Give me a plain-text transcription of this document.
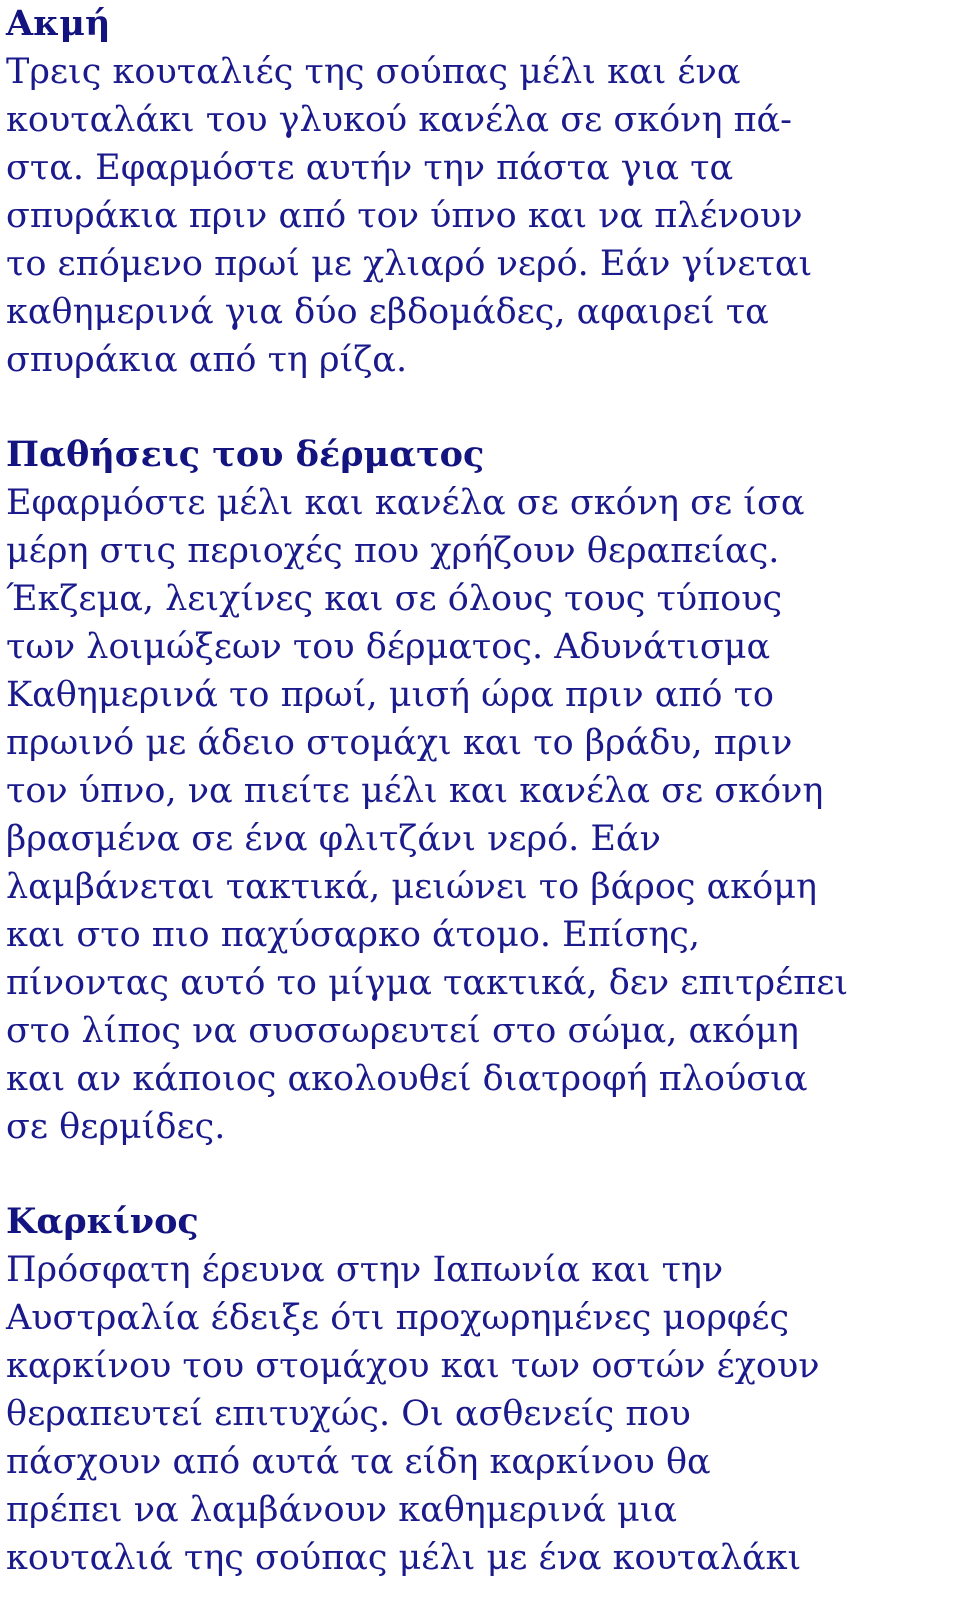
Ακμή
Τρεις κουταλιές της σούπας μέλι και ένα
κουταλάκι του γλυκού κανέλα σε σκόνη πά-
στα. Εφαρμόστε αυτήν την πάστα για τα
σπυράκια πριν από τον ύπνο και να πλένουν
το επόμενο πρωί με χλιαρό νερό. Εάν γίνεται
καθημερινά για δύο εβδομάδες, αφαιρεί τα
σπυράκια από τη ρίζα.
Παθήσεις του δέρματος
Εφαρμόστε μέλι και κανέλα σε σκόνη σε ίσα
μέρη στις περιοχές που χρήζουν θεραπείας.
Έκζεμα, λειχίνες και σε όλους τους τύπους
των λοιμώξεων του δέρματος. Αδυνάτισμα
Καθημερινά το πρωί, μισή ώρα πριν από το
πρωινό με άδειο στομάχι και το βράδυ, πριν
τον ύπνο, να πιείτε μέλι και κανέλα σε σκόνη
βρασμένα σε ένα φλιτζάνι νερό. Εάν
λαμβάνεται τακτικά, μειώνει το βάρος ακόμη
και στο πιο παχύσαρκο άτομο. Επίσης,
πίνοντας αυτό το μίγμα τακτικά, δεν επιτρέπει
στο λίπος να συσσωρευτεί στο σώμα, ακόμη
και αν κάποιος ακολουθεί διατροφή πλούσια
σε θερμίδες.
Καρκίνος
Πρόσφατη έρευνα στην Ιαπωνία και την
Αυστραλία έδειξε ότι προχωρημένες μορφές
καρκίνου του στομάχου και των οστών έχουν
θεραπευτεί επιτυχώς. Οι ασθενείς που
πάσχουν από αυτά τα είδη καρκίνου θα
πρέπει να λαμβάνουν καθημερινά μια
κουταλιά της σούπας μέλι με ένα κουταλάκι
